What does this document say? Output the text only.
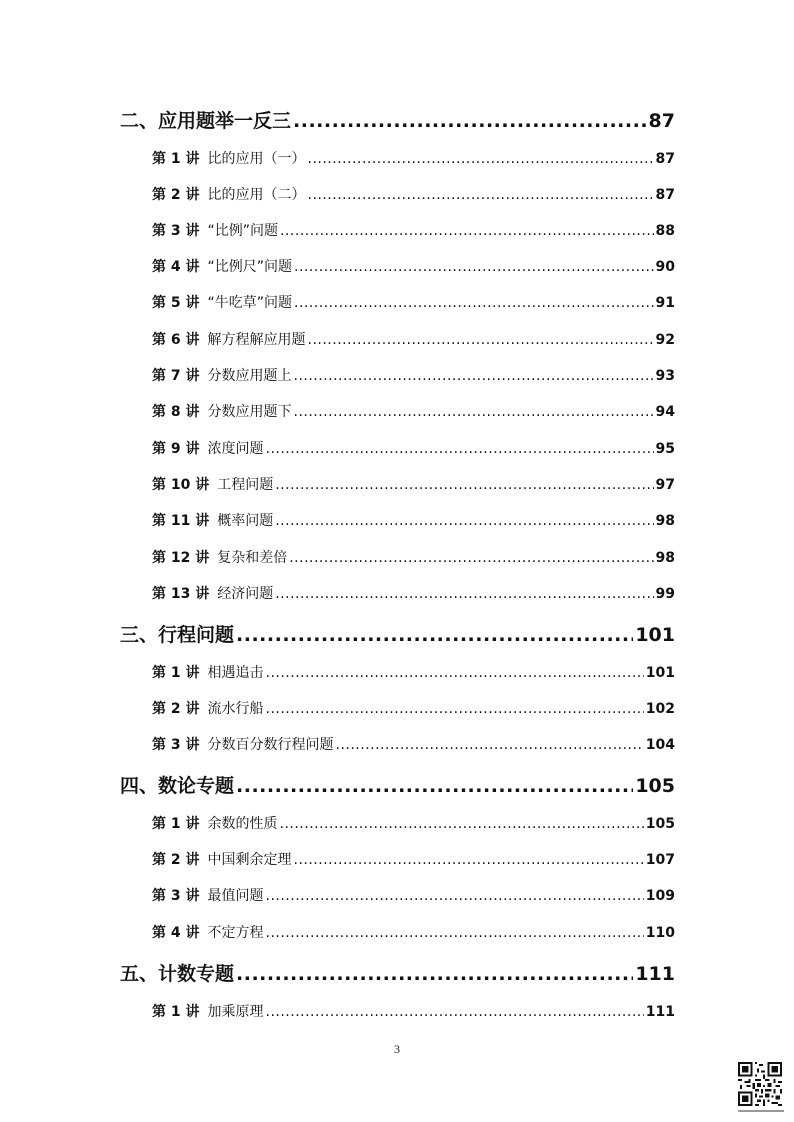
二、应用题举一反三 .....	87
第 1 讲 比的应用（一） .....	87
第 2 讲 比的应用（二） .....	87
第 3 讲 “比例”问题 .....	88
第 4 讲 “比例尺”问题 .....	90
第 5 讲 “牛吃草”问题 .....	91
第 6 讲 解方程解应用题 .....	92
第 7 讲 分数应用题上 .....	93
第 8 讲 分数应用题下 .....	94
第 9 讲 浓度问题 .....	95
第 10 讲 工程问题 .....	97
第 11 讲 概率问题 .....	98
第 12 讲 复杂和差倍 .....	98
第 13 讲 经济问题 .....	99
三、行程问题 .....	101
第 1 讲 相遇追击 .....	101
第 2 讲 流水行船 .....	102
第 3 讲 分数百分数行程问题 .....	104
四、数论专题 .....	105
第 1 讲 余数的性质 .....	105
第 2 讲 中国剩余定理 .....	107
第 3 讲 最值问题 .....	109
第 4 讲 不定方程 .....	110
五、计数专题 .....	111
第 1 讲 加乘原理 .....	111
3
